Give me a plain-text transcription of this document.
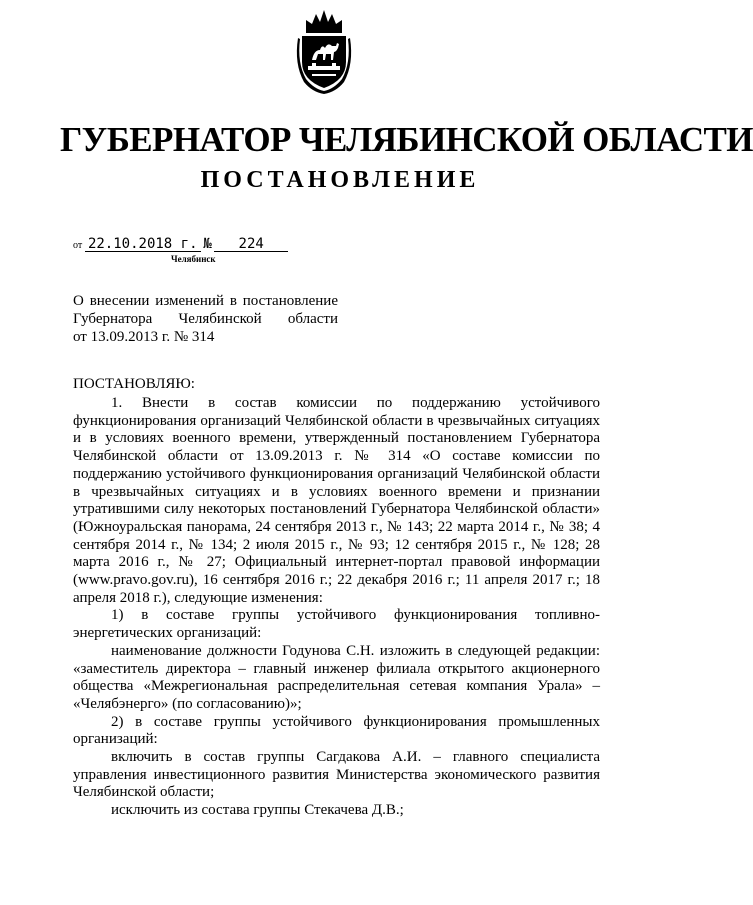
ГУБЕРНАТОР ЧЕЛЯБИНСКОЙ ОБЛАСТИ
ПОСТАНОВЛЕНИЕ
от 22.10.2018 г. № 224
Челябинск
О внесении изменений в постановление
Губернатора Челябинской области
от 13.09.2013 г. № 314
ПОСТАНОВЛЯЮ:

1. Внести в состав комиссии по поддержанию устойчивого функционирования организаций Челябинской области в чрезвычайных ситуациях и в условиях военного времени, утвержденный постановлением Губернатора Челябинской области от 13.09.2013 г. № 314 «О составе комиссии по поддержанию устойчивого функционирования организаций Челябинской области в чрезвычайных ситуациях и в условиях военного времени и признании утратившими силу некоторых постановлений Губернатора Челябинской области» (Южноуральская панорама, 24 сентября 2013 г., № 143; 22 марта 2014 г., № 38; 4 сентября 2014 г., № 134; 2 июля 2015 г., № 93; 12 сентября 2015 г., № 128; 28 марта 2016 г., № 27; Официальный интернет-портал правовой информации (www.pravo.gov.ru), 16 сентября 2016 г.; 22 декабря 2016 г.; 11 апреля 2017 г.; 18 апреля 2018 г.), следующие изменения:

1) в составе группы устойчивого функционирования топливно-энергетических организаций:

наименование должности Годунова С.Н. изложить в следующей редакции: «заместитель директора – главный инженер филиала открытого акционерного общества «Межрегиональная распределительная сетевая компания Урала» – «Челябэнерго» (по согласованию)»;

2) в составе группы устойчивого функционирования промышленных организаций:

включить в состав группы Сагдакова А.И. – главного специалиста управления инвестиционного развития Министерства экономического развития Челябинской области;

исключить из состава группы Стекачева Д.В.;
